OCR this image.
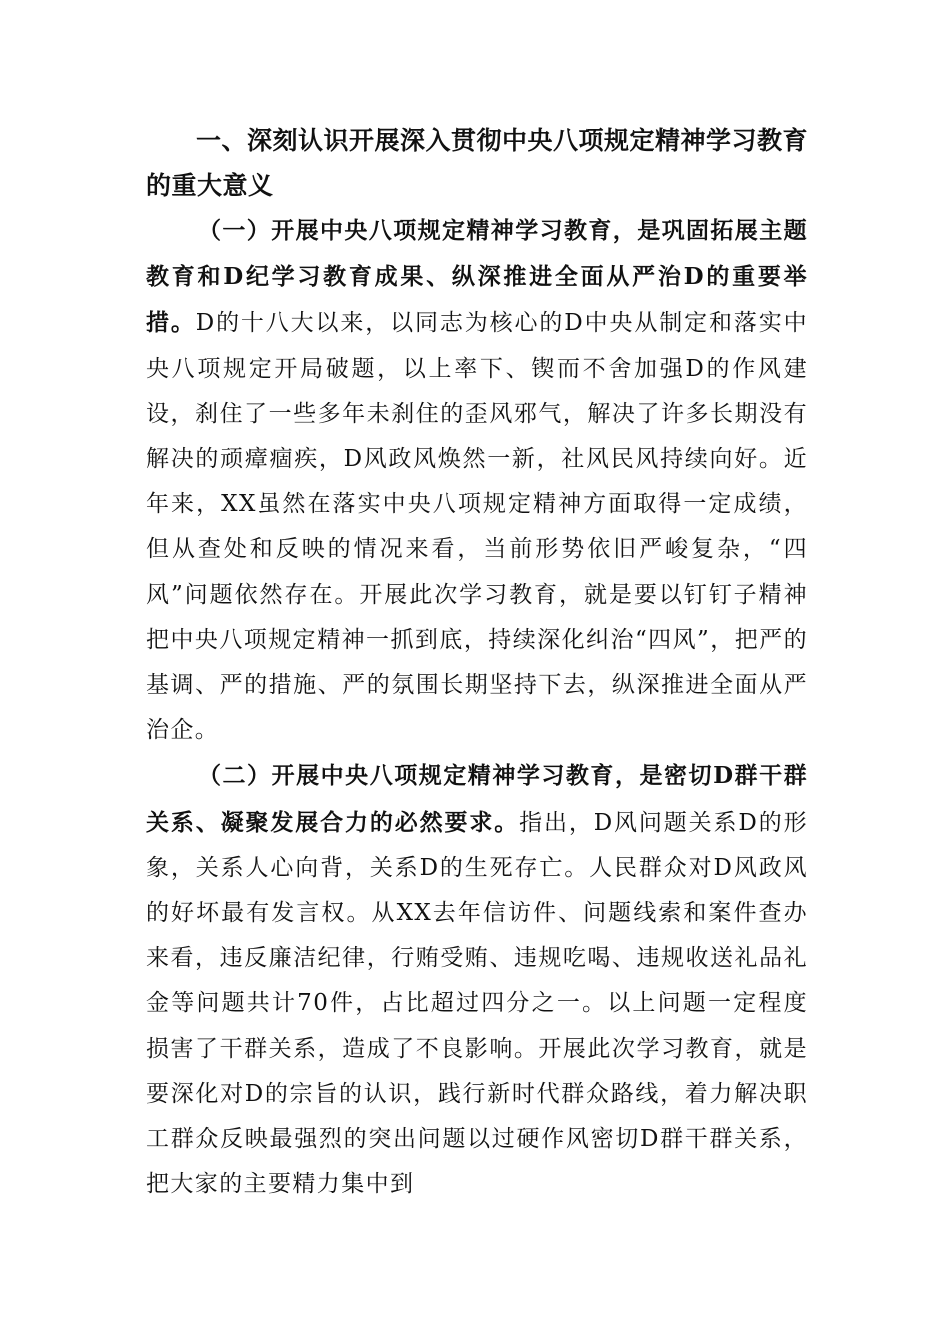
一、深刻认识开展深入贯彻中央八项规定精神学习教育的重大意义

（一）开展中央八项规定精神学习教育，是巩固拓展主题教育和D纪学习教育成果、纵深推进全面从严治D的重要举措。D的十八大以来，以同志为核心的D中央从制定和落实中央八项规定开局破题，以上率下、锲而不舍加强D的作风建设，刹住了一些多年未刹住的歪风邪气，解决了许多长期没有解决的顽瘴痼疾，D风政风焕然一新，社风民风持续向好。近年来，XX虽然在落实中央八项规定精神方面取得一定成绩，但从查处和反映的情况来看，当前形势依旧严峻复杂，“四风”问题依然存在。开展此次学习教育，就是要以钉钉子精神把中央八项规定精神一抓到底，持续深化纠治“四风”，把严的基调、严的措施、严的氛围长期坚持下去，纵深推进全面从严治企。

（二）开展中央八项规定精神学习教育，是密切D群干群关系、凝聚发展合力的必然要求。指出，D风问题关系D的形象，关系人心向背，关系D的生死存亡。人民群众对D风政风的好坏最有发言权。从XX去年信访件、问题线索和案件查办来看，违反廉洁纪律，行贿受贿、违规吃喝、违规收送礼品礼金等问题共计70件，占比超过四分之一。以上问题一定程度损害了干群关系，造成了不良影响。开展此次学习教育，就是要深化对D的宗旨的认识，践行新时代群众路线，着力解决职工群众反映最强烈的突出问题以过硬作风密切D群干群关系，把大家的主要精力集中到
